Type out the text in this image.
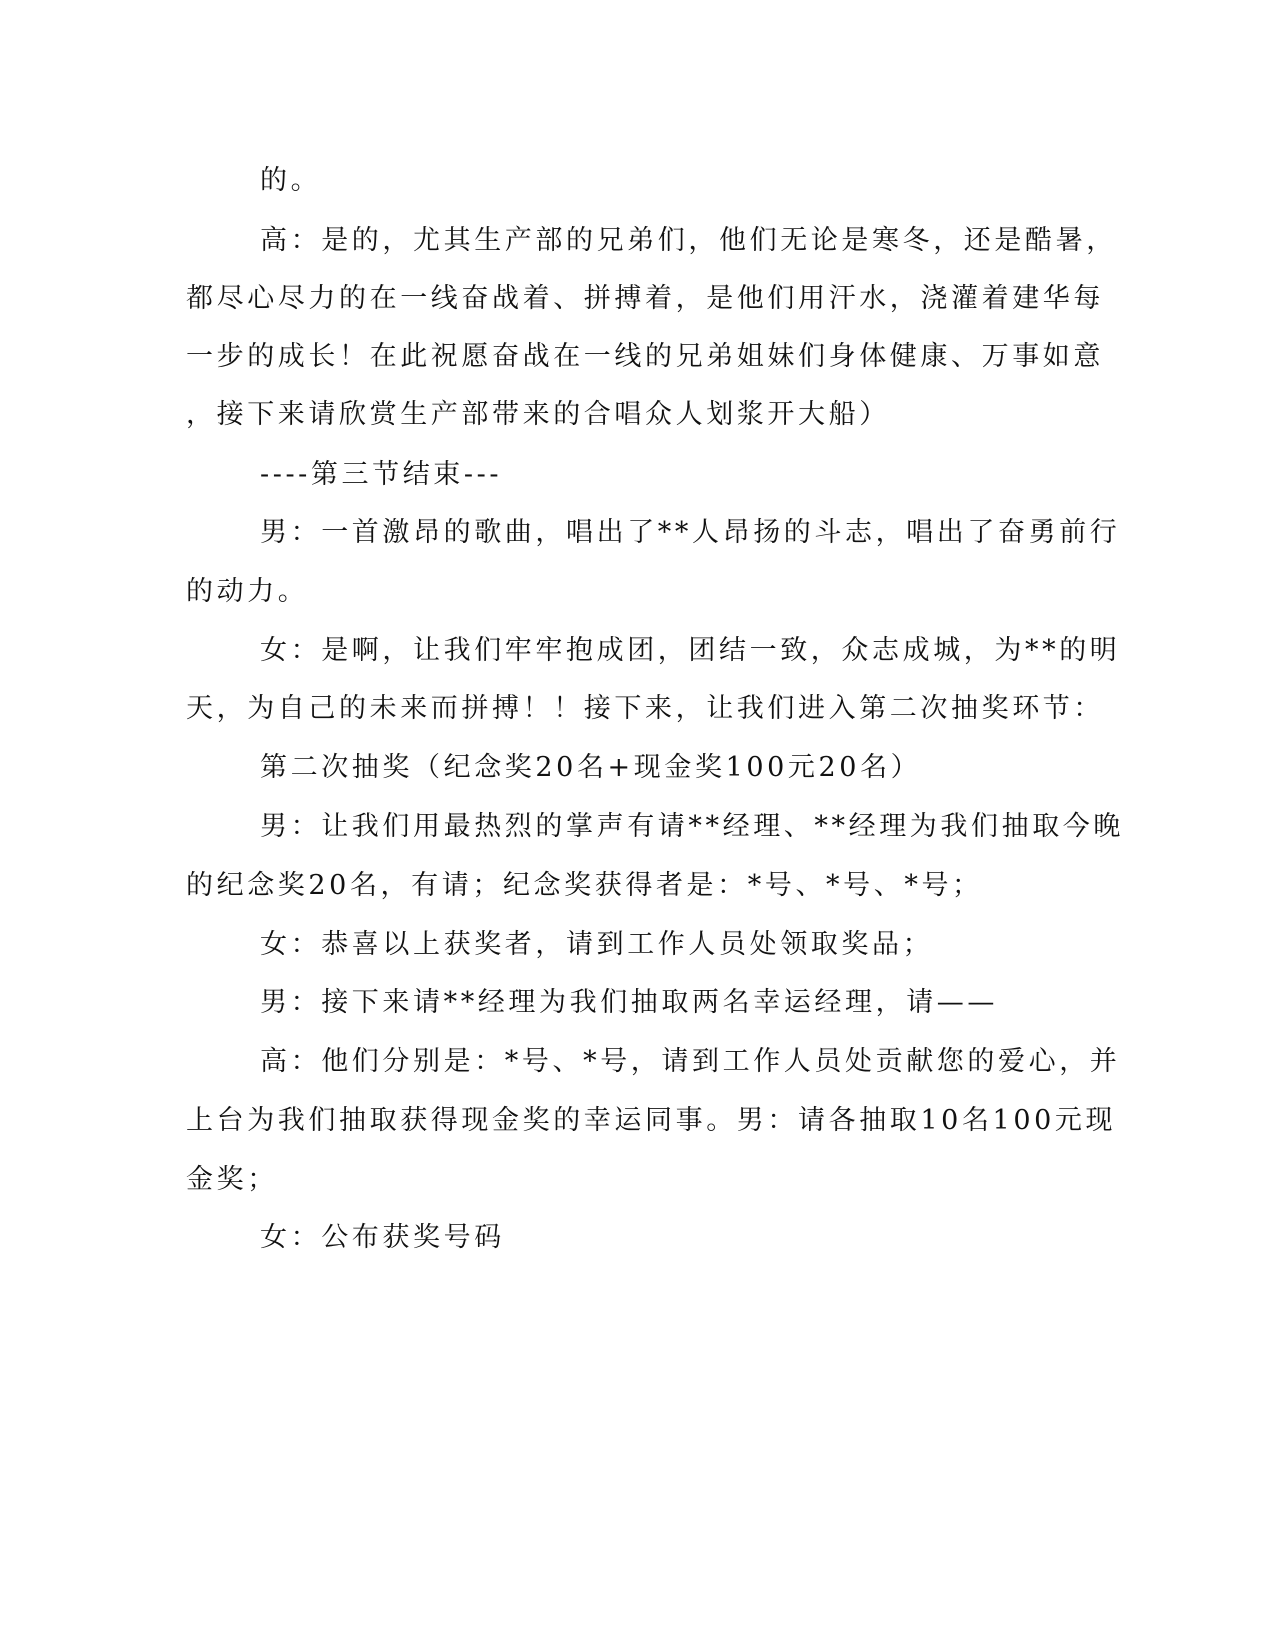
的。
高：是的，尤其生产部的兄弟们，他们无论是寒冬，还是酷暑，
都尽心尽力的在一线奋战着、拼搏着，是他们用汗水，浇灌着建华每
一步的成长！在此祝愿奋战在一线的兄弟姐妹们身体健康、万事如意
，接下来请欣赏生产部带来的合唱众人划浆开大船）
----第三节结束---
男：一首激昂的歌曲，唱出了**人昂扬的斗志，唱出了奋勇前行
的动力。
女：是啊，让我们牢牢抱成团，团结一致，众志成城，为**的明
天，为自己的未来而拼搏！！接下来，让我们进入第二次抽奖环节：
第二次抽奖（纪念奖20名+现金奖100元20名）
男：让我们用最热烈的掌声有请**经理、**经理为我们抽取今晚
的纪念奖20名，有请；纪念奖获得者是：*号、*号、*号；
女：恭喜以上获奖者，请到工作人员处领取奖品；
男：接下来请**经理为我们抽取两名幸运经理，请——
高：他们分别是：*号、*号，请到工作人员处贡献您的爱心，并
上台为我们抽取获得现金奖的幸运同事。男：请各抽取10名100元现
金奖；
女：公布获奖号码
